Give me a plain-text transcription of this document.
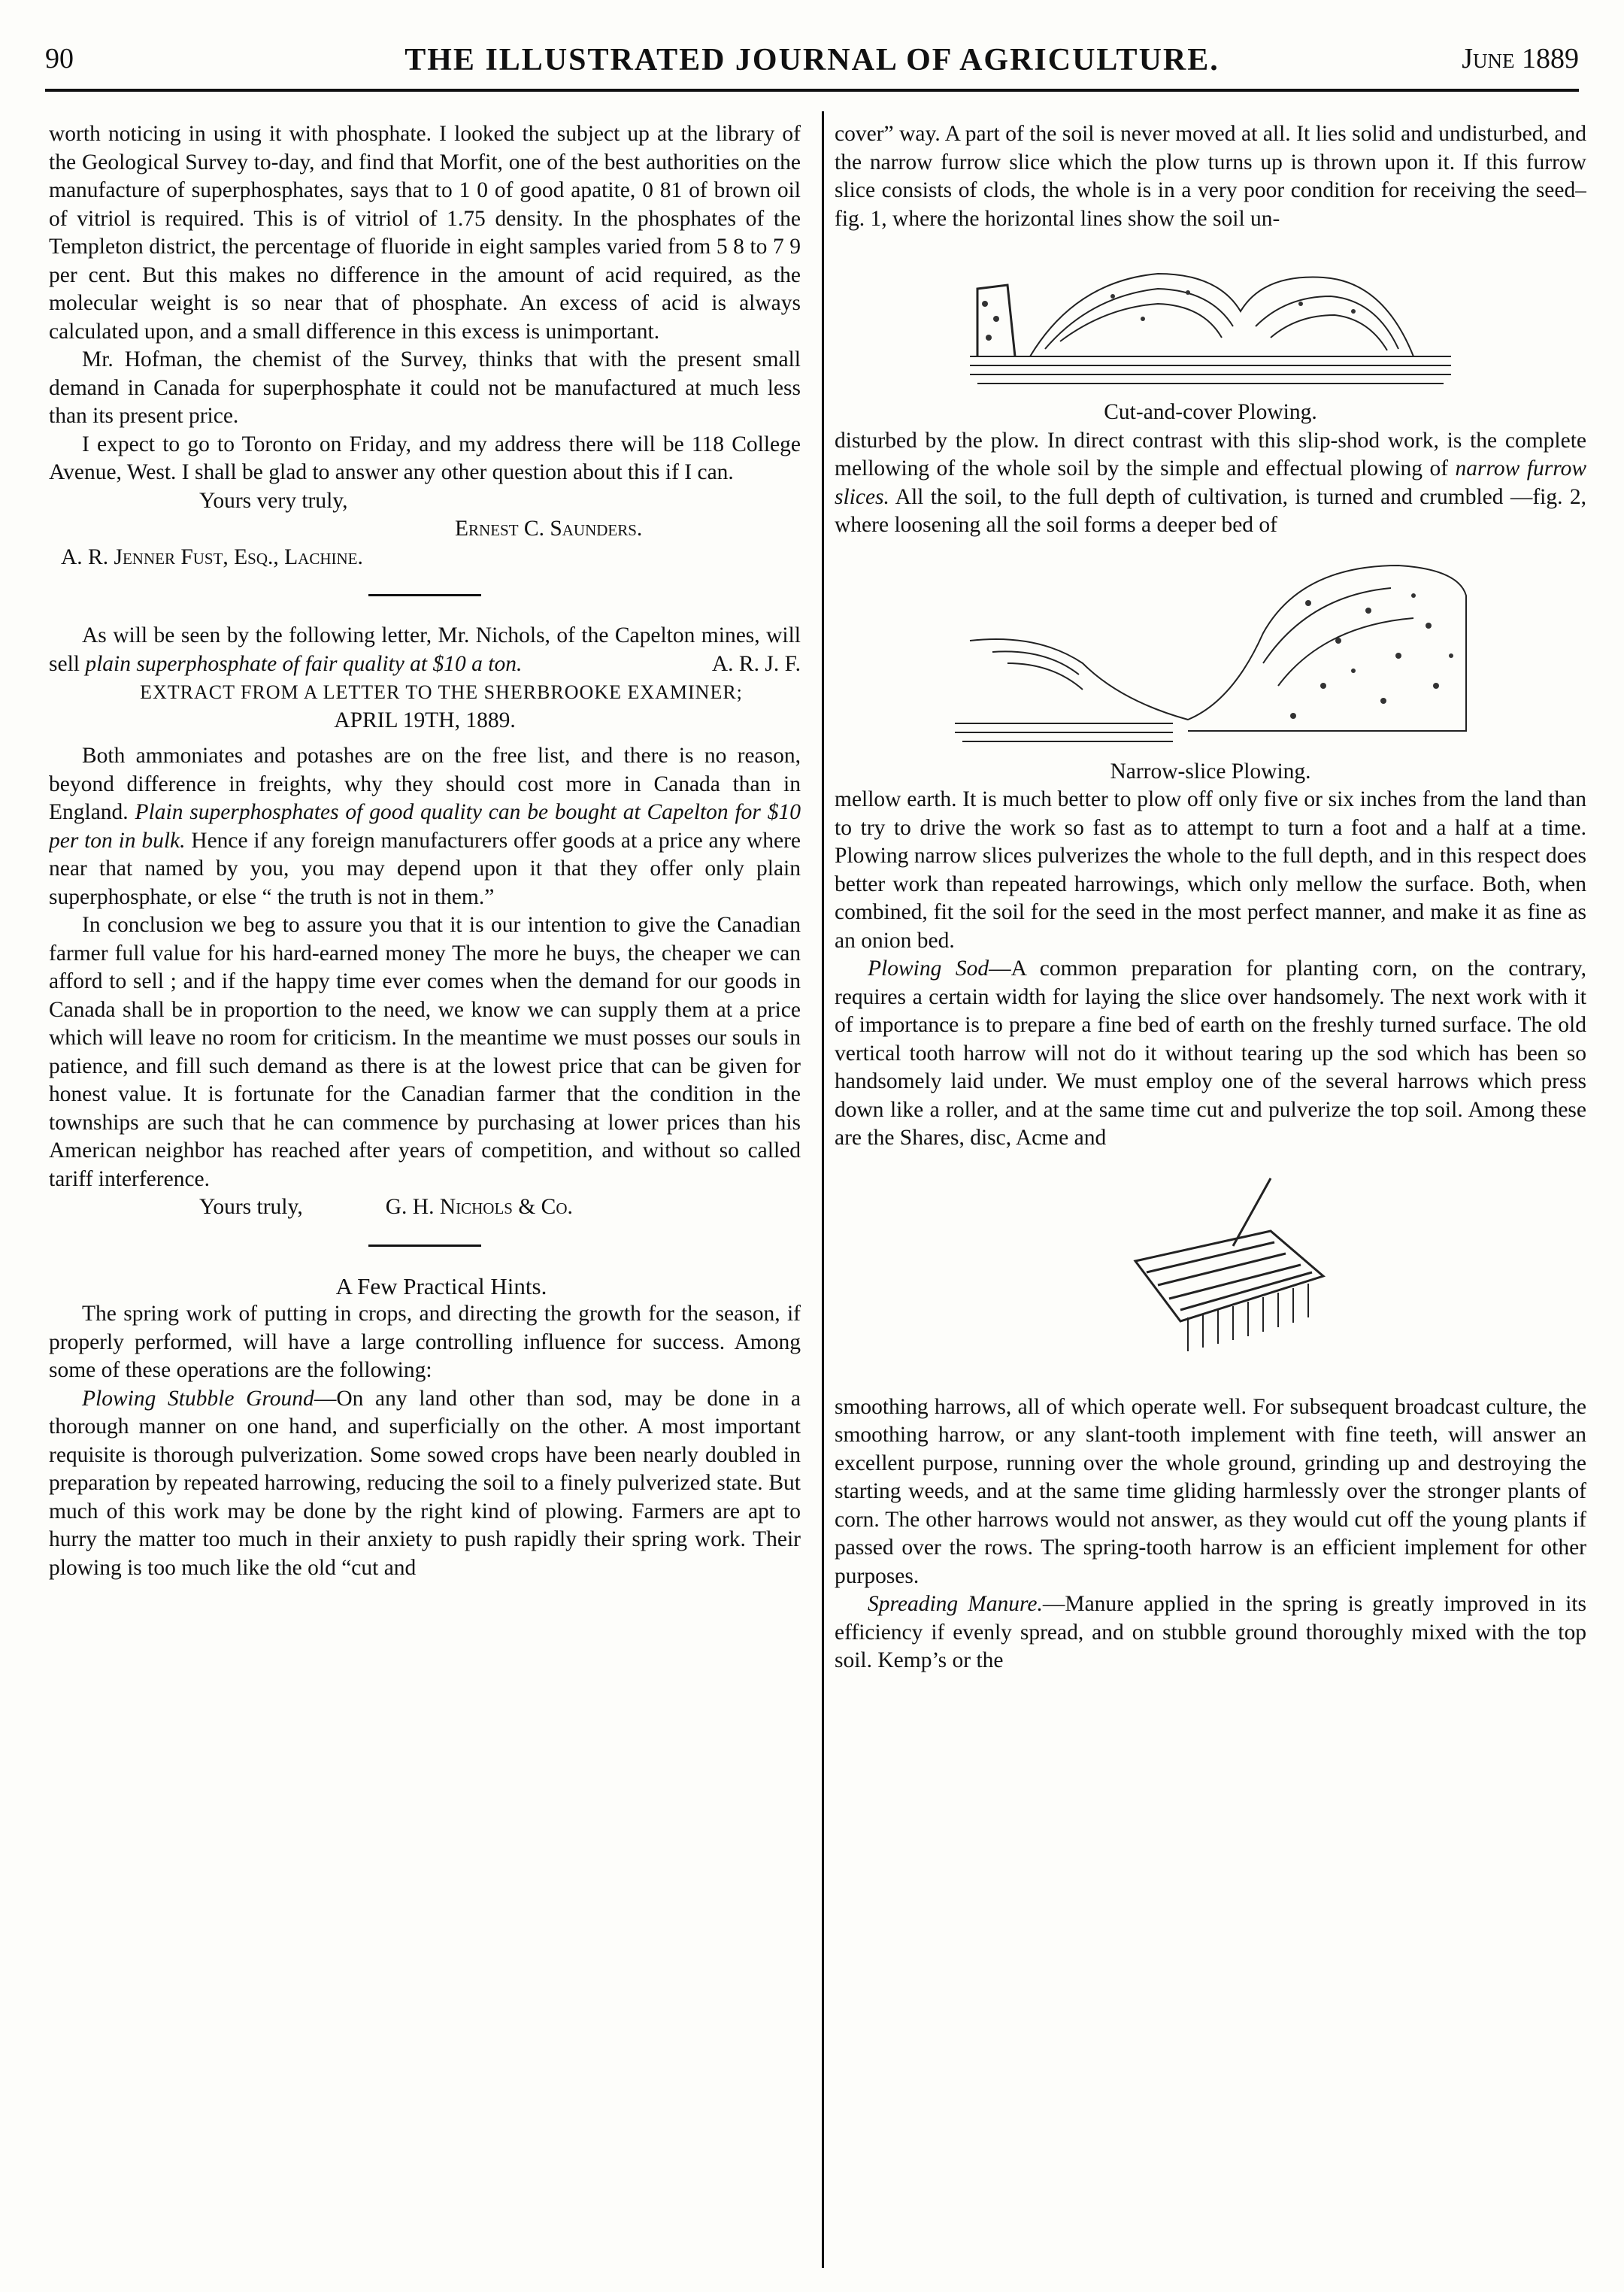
90	THE ILLUSTRATED JOURNAL OF AGRICULTURE.	June 1889

worth noticing in using it with phosphate. I looked the subject up at the library of the Geological Survey to-day, and find that Morfit, one of the best authorities on the manufacture of superphosphates, says that to 1 0 of good apatite, 0 81 of brown oil of vitriol is required. This is of vitriol of 1.75 density. In the phosphates of the Templeton district, the percentage of fluoride in eight samples varied from 5 8 to 7 9 per cent. But this makes no difference in the amount of acid required, as the molecular weight is so near that of phosphate. An excess of acid is always calculated upon, and a small difference in this excess is unimportant.

Mr. Hofman, the chemist of the Survey, thinks that with the present small demand in Canada for superphosphate it could not be manufactured at much less than its present price.

I expect to go to Toronto on Friday, and my address there will be 118 College Avenue, West. I shall be glad to answer any other question about this if I can.

Yours very truly,

Ernest C. Saunders.

A. R. Jenner Fust, Esq., Lachine.

As will be seen by the following letter, Mr. Nichols, of the Capelton mines, will sell plain superphosphate of fair quality at $10 a ton.	A. R. J. F.

EXTRACT FROM A LETTER TO THE SHERBROOKE EXAMINER;

APRIL 19TH, 1889.

Both ammoniates and potashes are on the free list, and there is no reason, beyond difference in freights, why they should cost more in Canada than in England. Plain superphosphates of good quality can be bought at Capelton for $10 per ton in bulk. Hence if any foreign manufacturers offer goods at a price any where near that named by you, you may depend upon it that they offer only plain superphosphate, or else “ the truth is not in them.”

In conclusion we beg to assure you that it is our intention to give the Canadian farmer full value for his hard-earned money The more he buys, the cheaper we can afford to sell ; and if the happy time ever comes when the demand for our goods in Canada shall be in proportion to the need, we know we can supply them at a price which will leave no room for criticism. In the meantime we must posses our souls in patience, and fill such demand as there is at the lowest price that can be given for honest value. It is fortunate for the Canadian farmer that the condition in the townships are such that he can commence by purchasing at lower prices than his American neighbor has reached after years of competition, and without so called tariff interference.

Yours truly,	G. H. Nichols & Co.

A Few Practical Hints.

The spring work of putting in crops, and directing the growth for the season, if properly performed, will have a large controlling influence for success. Among some of these operations are the following:

Plowing Stubble Ground—On any land other than sod, may be done in a thorough manner on one hand, and superficially on the other. A most important requisite is thorough pulverization. Some sowed crops have been nearly doubled in preparation by repeated harrowing, reducing the soil to a finely pulverized state. But much of this work may be done by the right kind of plowing. Farmers are apt to hurry the matter too much in their anxiety to push rapidly their spring work. Their plowing is too much like the old “cut and

cover” way. A part of the soil is never moved at all. It lies solid and undisturbed, and the narrow furrow slice which the plow turns up is thrown upon it. If this furrow slice consists of clods, the whole is in a very poor condition for receiving the seed–fig. 1, where the horizontal lines show the soil un-

Cut-and-cover Plowing.

disturbed by the plow. In direct contrast with this slip-shod work, is the complete mellowing of the whole soil by the simple and effectual plowing of narrow furrow slices. All the soil, to the full depth of cultivation, is turned and crumbled —fig. 2, where loosening all the soil forms a deeper bed of

Narrow-slice Plowing.

mellow earth. It is much better to plow off only five or six inches from the land than to try to drive the work so fast as to attempt to turn a foot and a half at a time. Plowing narrow slices pulverizes the whole to the full depth, and in this respect does better work than repeated harrowings, which only mellow the surface. Both, when combined, fit the soil for the seed in the most perfect manner, and make it as fine as an onion bed.

Plowing Sod—A common preparation for planting corn, on the contrary, requires a certain width for laying the slice over handsomely. The next work with it of importance is to prepare a fine bed of earth on the freshly turned surface. The old vertical tooth harrow will not do it without tearing up the sod which has been so handsomely laid under. We must employ one of the several harrows which press down like a roller, and at the same time cut and pulverize the top soil. Among these are the Shares, disc, Acme and

smoothing harrows, all of which operate well. For subsequent broadcast culture, the smoothing harrow, or any slant-tooth implement with fine teeth, will answer an excellent purpose, running over the whole ground, grinding up and destroying the starting weeds, and at the same time gliding harmlessly over the stronger plants of corn. The other harrows would not answer, as they would cut off the young plants if passed over the rows. The spring-tooth harrow is an efficient implement for other purposes.

Spreading Manure.—Manure applied in the spring is greatly improved in its efficiency if evenly spread, and on stubble ground thoroughly mixed with the top soil. Kemp’s or the
